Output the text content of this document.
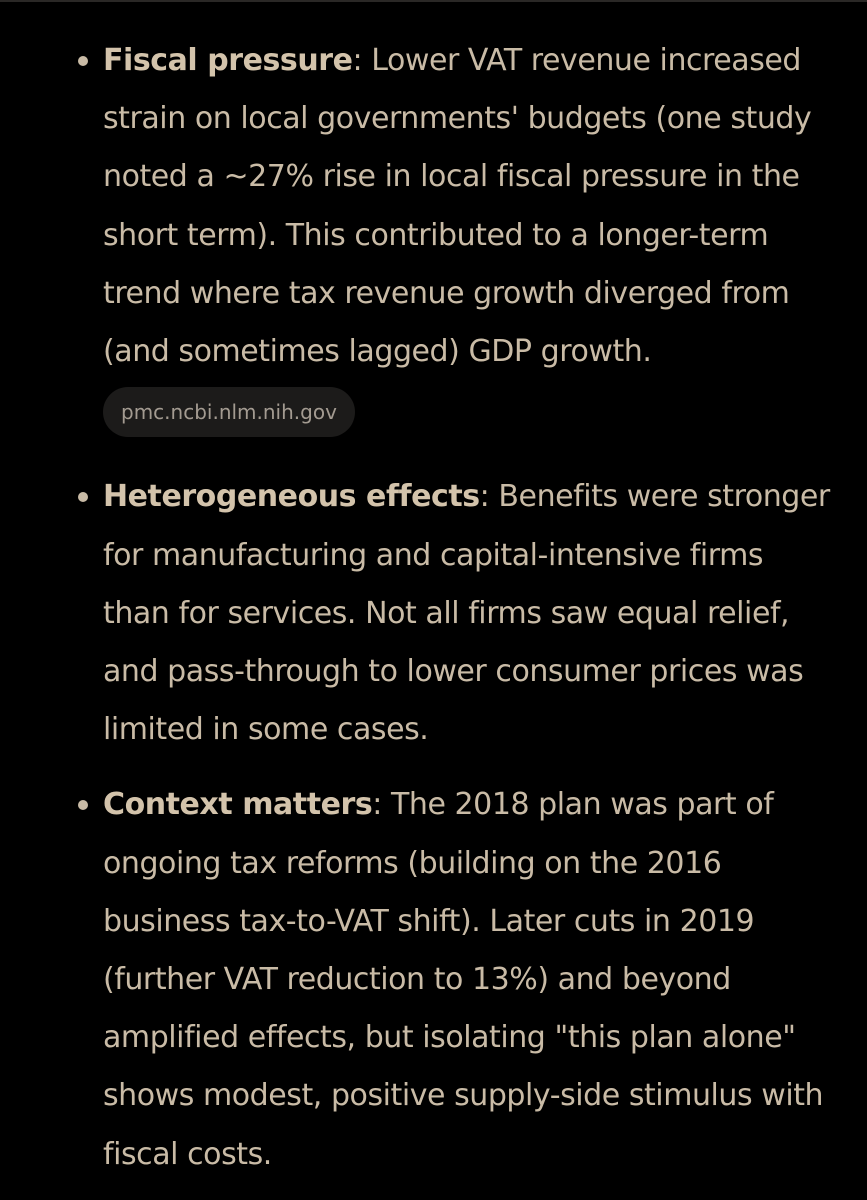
Fiscal pressure: Lower VAT revenue increased strain on local governments' budgets (one study noted a ~27% rise in local fiscal pressure in the short term). This contributed to a longer-term trend where tax revenue growth diverged from (and sometimes lagged) GDP growth.

pmc.ncbi.nlm.nih.gov

Heterogeneous effects: Benefits were stronger for manufacturing and capital-intensive firms than for services. Not all firms saw equal relief, and pass-through to lower consumer prices was limited in some cases.

Context matters: The 2018 plan was part of ongoing tax reforms (building on the 2016 business tax-to-VAT shift). Later cuts in 2019 (further VAT reduction to 13%) and beyond amplified effects, but isolating "this plan alone" shows modest, positive supply-side stimulus with fiscal costs.
